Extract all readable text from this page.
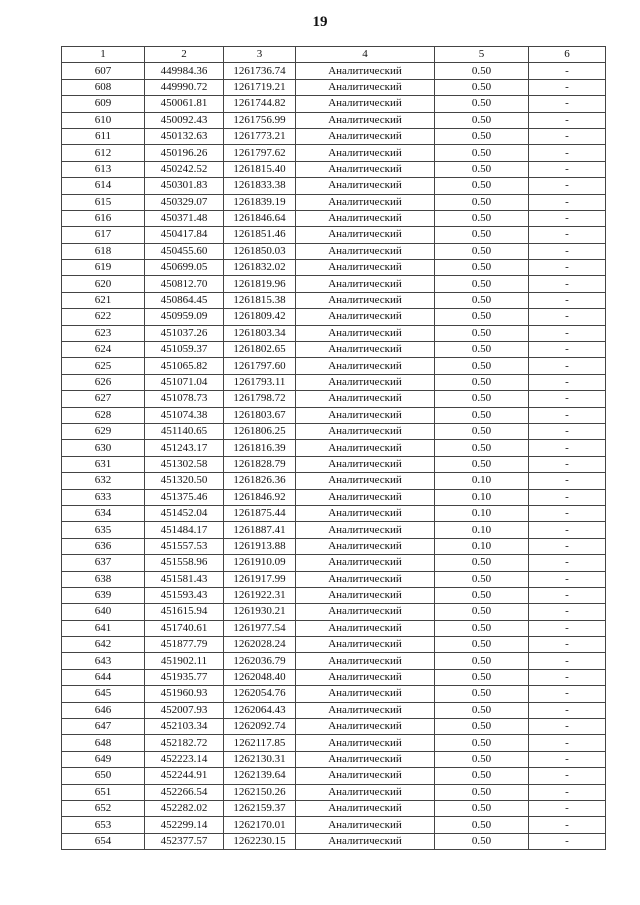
19
1	2	3	4	5	6
607	449984.36	1261736.74	Аналитический	0.50	-
608	449990.72	1261719.21	Аналитический	0.50	-
609	450061.81	1261744.82	Аналитический	0.50	-
610	450092.43	1261756.99	Аналитический	0.50	-
611	450132.63	1261773.21	Аналитический	0.50	-
612	450196.26	1261797.62	Аналитический	0.50	-
613	450242.52	1261815.40	Аналитический	0.50	-
614	450301.83	1261833.38	Аналитический	0.50	-
615	450329.07	1261839.19	Аналитический	0.50	-
616	450371.48	1261846.64	Аналитический	0.50	-
617	450417.84	1261851.46	Аналитический	0.50	-
618	450455.60	1261850.03	Аналитический	0.50	-
619	450699.05	1261832.02	Аналитический	0.50	-
620	450812.70	1261819.96	Аналитический	0.50	-
621	450864.45	1261815.38	Аналитический	0.50	-
622	450959.09	1261809.42	Аналитический	0.50	-
623	451037.26	1261803.34	Аналитический	0.50	-
624	451059.37	1261802.65	Аналитический	0.50	-
625	451065.82	1261797.60	Аналитический	0.50	-
626	451071.04	1261793.11	Аналитический	0.50	-
627	451078.73	1261798.72	Аналитический	0.50	-
628	451074.38	1261803.67	Аналитический	0.50	-
629	451140.65	1261806.25	Аналитический	0.50	-
630	451243.17	1261816.39	Аналитический	0.50	-
631	451302.58	1261828.79	Аналитический	0.50	-
632	451320.50	1261826.36	Аналитический	0.10	-
633	451375.46	1261846.92	Аналитический	0.10	-
634	451452.04	1261875.44	Аналитический	0.10	-
635	451484.17	1261887.41	Аналитический	0.10	-
636	451557.53	1261913.88	Аналитический	0.10	-
637	451558.96	1261910.09	Аналитический	0.50	-
638	451581.43	1261917.99	Аналитический	0.50	-
639	451593.43	1261922.31	Аналитический	0.50	-
640	451615.94	1261930.21	Аналитический	0.50	-
641	451740.61	1261977.54	Аналитический	0.50	-
642	451877.79	1262028.24	Аналитический	0.50	-
643	451902.11	1262036.79	Аналитический	0.50	-
644	451935.77	1262048.40	Аналитический	0.50	-
645	451960.93	1262054.76	Аналитический	0.50	-
646	452007.93	1262064.43	Аналитический	0.50	-
647	452103.34	1262092.74	Аналитический	0.50	-
648	452182.72	1262117.85	Аналитический	0.50	-
649	452223.14	1262130.31	Аналитический	0.50	-
650	452244.91	1262139.64	Аналитический	0.50	-
651	452266.54	1262150.26	Аналитический	0.50	-
652	452282.02	1262159.37	Аналитический	0.50	-
653	452299.14	1262170.01	Аналитический	0.50	-
654	452377.57	1262230.15	Аналитический	0.50	-
